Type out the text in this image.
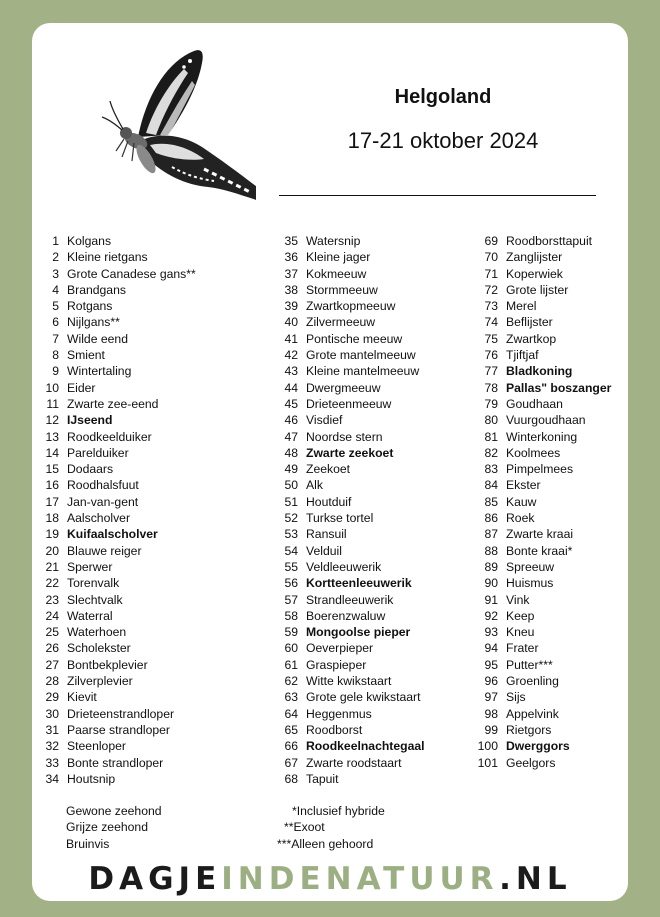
Helgoland
17-21 oktober 2024
1 Kolgans
2 Kleine rietgans
3 Grote Canadese gans**
4 Brandgans
5 Rotgans
6 Nijlgans**
7 Wilde eend
8 Smient
9 Wintertaling
10 Eider
11 Zwarte zee-eend
12 IJseend
13 Roodkeelduiker
14 Parelduiker
15 Dodaars
16 Roodhalsfuut
17 Jan-van-gent
18 Aalscholver
19 Kuifaalscholver
20 Blauwe reiger
21 Sperwer
22 Torenvalk
23 Slechtvalk
24 Waterral
25 Waterhoen
26 Scholekster
27 Bontbekplevier
28 Zilverplevier
29 Kievit
30 Drieteenstrandloper
31 Paarse strandloper
32 Steenloper
33 Bonte strandloper
34 Houtsnip
35 Watersnip
36 Kleine jager
37 Kokmeeuw
38 Stormmeeuw
39 Zwartkopmeeuw
40 Zilvermeeuw
41 Pontische meeuw
42 Grote mantelmeeuw
43 Kleine mantelmeeuw
44 Dwergmeeuw
45 Drieteenmeeuw
46 Visdief
47 Noordse stern
48 Zwarte zeekoet
49 Zeekoet
50 Alk
51 Houtduif
52 Turkse tortel
53 Ransuil
54 Velduil
55 Veldleeuwerik
56 Kortteenleeuwerik
57 Strandleeuwerik
58 Boerenzwaluw
59 Mongoolse pieper
60 Oeverpieper
61 Graspieper
62 Witte kwikstaart
63 Grote gele kwikstaart
64 Heggenmus
65 Roodborst
66 Roodkeelnachtegaal
67 Zwarte roodstaart
68 Tapuit
69 Roodborsttapuit
70 Zanglijster
71 Koperwiek
72 Grote lijster
73 Merel
74 Beflijster
75 Zwartkop
76 Tjiftjaf
77 Bladkoning
78 Pallas" boszanger
79 Goudhaan
80 Vuurgoudhaan
81 Winterkoning
82 Koolmees
83 Pimpelmees
84 Ekster
85 Kauw
86 Roek
87 Zwarte kraai
88 Bonte kraai*
89 Spreeuw
90 Huismus
91 Vink
92 Keep
93 Kneu
94 Frater
95 Putter***
96 Groenling
97 Sijs
98 Appelvink
99 Rietgors
100 Dwerggors
101 Geelgors
Gewone zeehond
Grijze zeehond
Bruinvis
*Inclusief hybride
**Exoot
***Alleen gehoord
DAGJEINDENATUUR.NL
